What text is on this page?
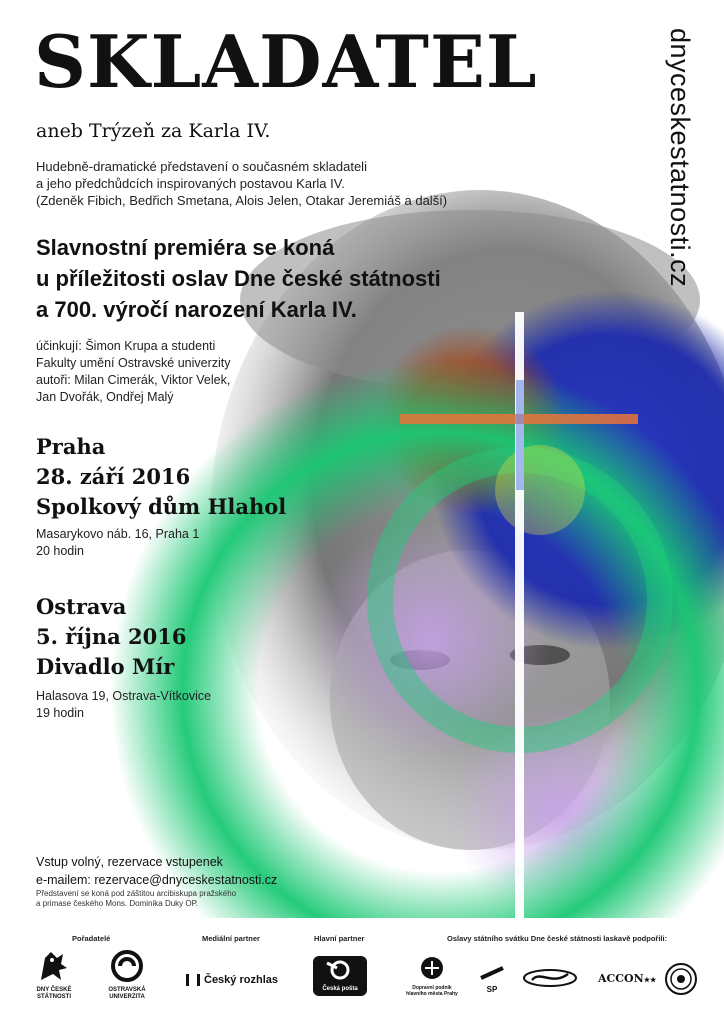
SKLADATEL
aneb Trýzeň za Karla IV.
Hudebně-dramatické představení o současném skladateli
a jeho předchůdcích inspirovaných postavou Karla IV.
(Zdeněk Fibich, Bedřich Smetana, Alois Jelen, Otakar Jeremiáš a další)	dnyceskestatnosti.cz
Slavnostní premiéra se koná
u příležitosti oslav Dne české státnosti
a 700. výročí narození Karla IV.
účinkují: Šimon Krupa a studenti
Fakulty umění Ostravské univerzity
autoři: Milan Cimerák, Viktor Velek,
Jan Dvořák, Ondřej Malý
Praha
28. září 2016
Spolkový dům Hlahol
Masarykovo náb. 16, Praha 1
20 hodin
Ostrava
5. října 2016
Divadlo Mír
Halasova 19, Ostrava-Vítkovice
19 hodin
Vstup volný, rezervace vstupenek
e-mailem: rezervace@dnyceskestatnosti.cz
Představení se koná pod záštitou arcibiskupa pražského
a primase českého Mons. Dominika Duky OP.
Pořadatelé	Mediální partner	Hlavní partner	Oslavy státního svátku Dne české státnosti laskavě podpořili:
DNY ČESKÉ
STÁTNOSTI
OSTRAVSKÁ
UNIVERZITA
Český rozhlas
Česká pošta	Dopravní podnik
hlavního města Prahy	SP
ACCON★★
